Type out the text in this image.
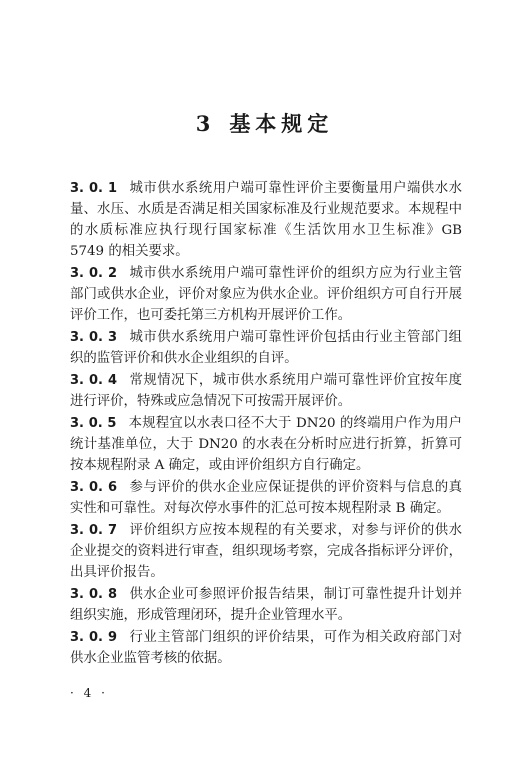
3 基本规定

3. 0. 1 城市供水系统用户端可靠性评价主要衡量用户端供水水量、水压、水质是否满足相关国家标准及行业规范要求。本规程中的水质标准应执行现行国家标准《生活饮用水卫生标准》GB 5749 的相关要求。

3. 0. 2 城市供水系统用户端可靠性评价的组织方应为行业主管部门或供水企业，评价对象应为供水企业。评价组织方可自行开展评价工作，也可委托第三方机构开展评价工作。

3. 0. 3 城市供水系统用户端可靠性评价包括由行业主管部门组织的监管评价和供水企业组织的自评。

3. 0. 4 常规情况下，城市供水系统用户端可靠性评价宜按年度进行评价，特殊或应急情况下可按需开展评价。

3. 0. 5 本规程宜以水表口径不大于 DN20 的终端用户作为用户统计基准单位，大于 DN20 的水表在分析时应进行折算，折算可按本规程附录 A 确定，或由评价组织方自行确定。

3. 0. 6 参与评价的供水企业应保证提供的评价资料与信息的真实性和可靠性。对每次停水事件的汇总可按本规程附录 B 确定。

3. 0. 7 评价组织方应按本规程的有关要求，对参与评价的供水企业提交的资料进行审查，组织现场考察，完成各指标评分评价，出具评价报告。

3. 0. 8 供水企业可参照评价报告结果，制订可靠性提升计划并组织实施，形成管理闭环，提升企业管理水平。

3. 0. 9 行业主管部门组织的评价结果，可作为相关政府部门对供水企业监管考核的依据。

· 4 ·
